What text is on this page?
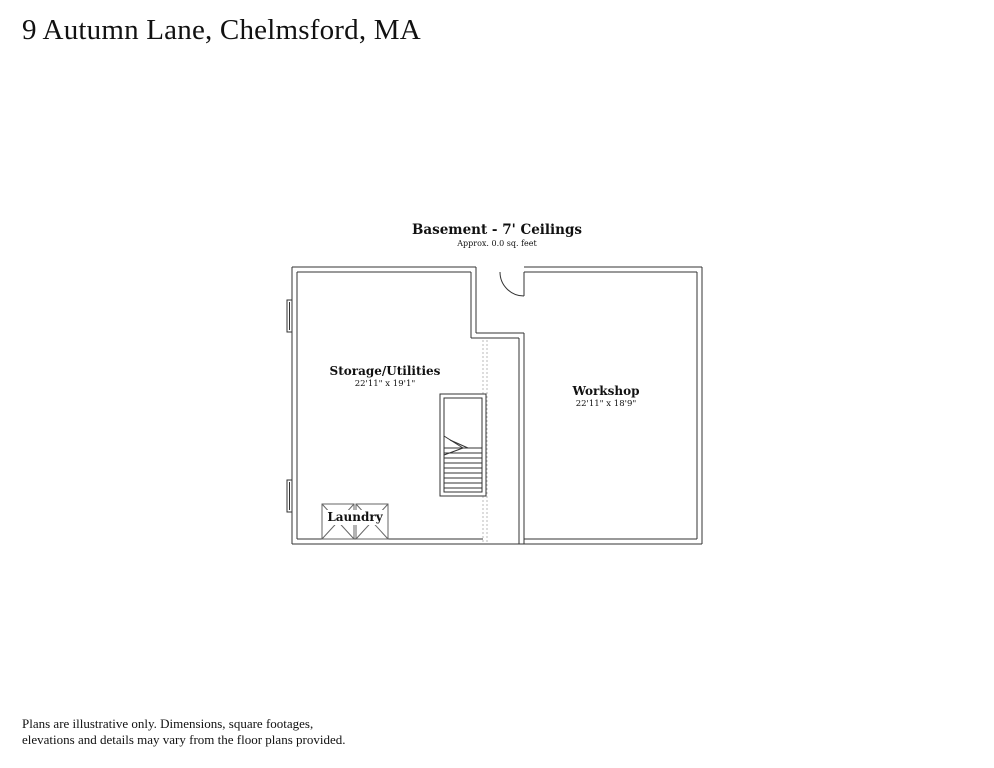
9 Autumn Lane, Chelmsford, MA
Basement - 7' Ceilings
Approx. 0.0 sq. feet
Storage/Utilities
22'11" x 19'1"	Workshop
22'11" x 18'9"
Laundry
Plans are illustrative only. Dimensions, square footages,
elevations and details may vary from the floor plans provided.
